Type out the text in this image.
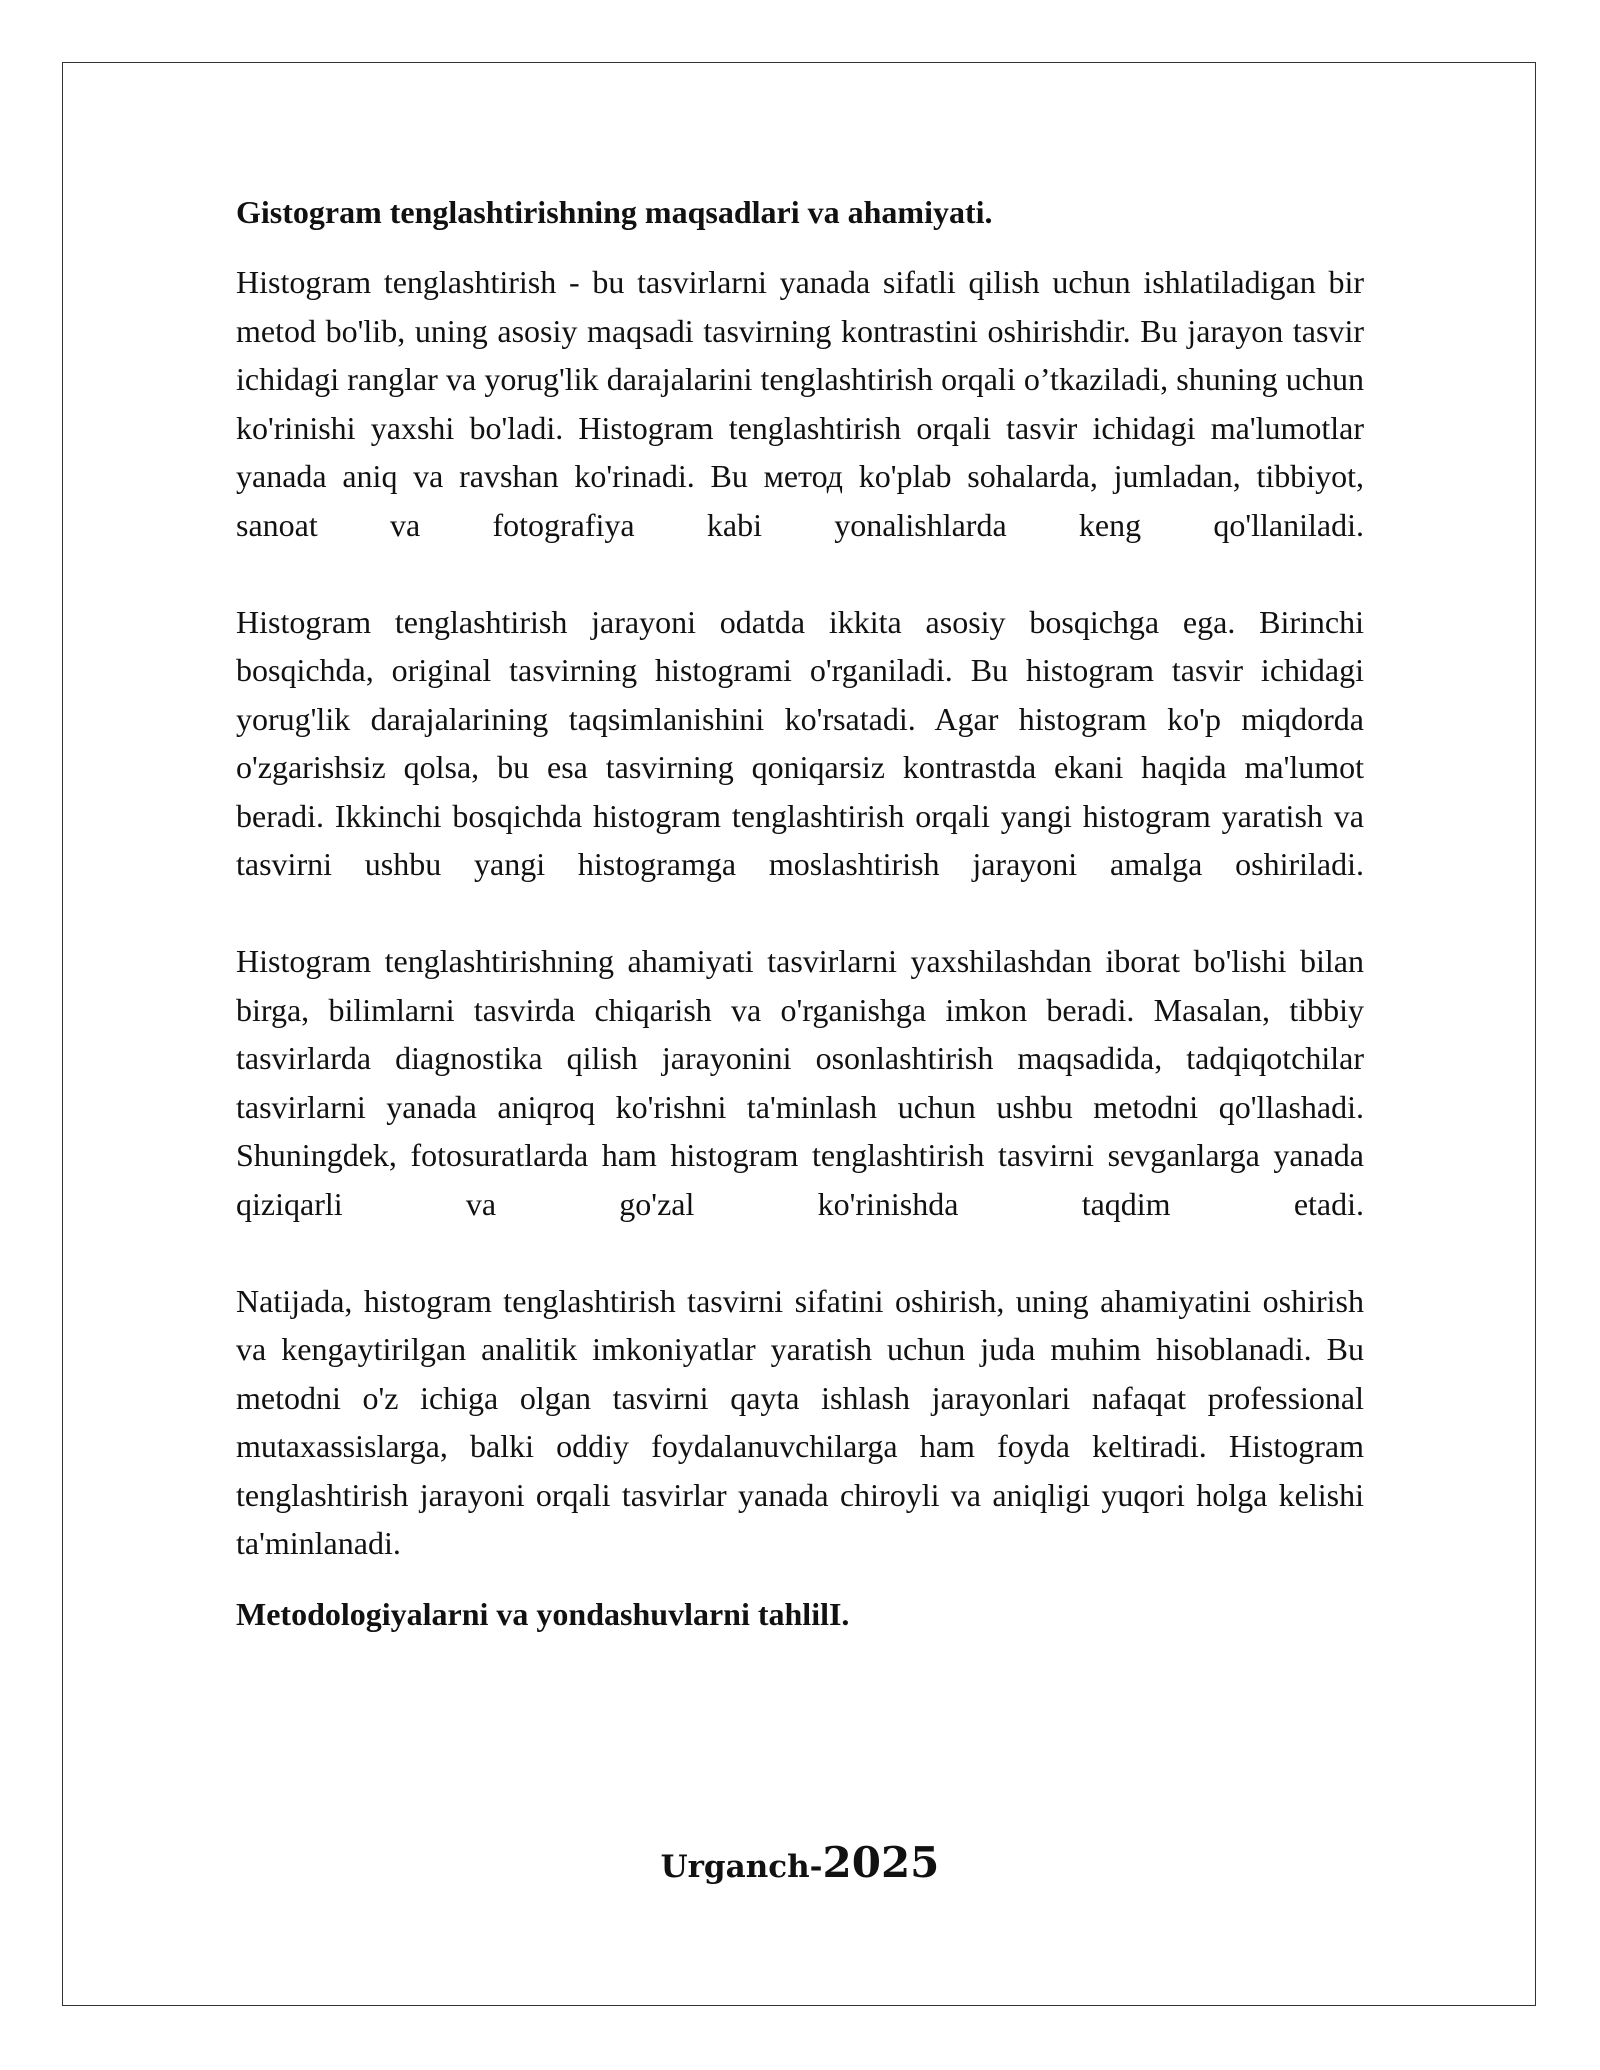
Gistogram tenglashtirishning maqsadlari va ahamiyati.

Histogram tenglashtirish - bu tasvirlarni yanada sifatli qilish uchun ishlatiladigan bir metod bo'lib, uning asosiy maqsadi tasvirning kontrastini oshirishdir. Bu jarayon tasvir ichidagi ranglar va yorug'lik darajalarini tenglashtirish orqali o’tkaziladi, shuning uchun ko'rinishi yaxshi bo'ladi. Histogram tenglashtirish orqali tasvir ichidagi ma'lumotlar yanada aniq va ravshan ko'rinadi. Bu метод ko'plab sohalarda, jumladan, tibbiyot, sanoat va fotografiya kabi yonalishlarda keng qo'llaniladi.

Histogram tenglashtirish jarayoni odatda ikkita asosiy bosqichga ega. Birinchi bosqichda, original tasvirning histogrami o'rganiladi. Bu histogram tasvir ichidagi yorug'lik darajalarining taqsimlanishini ko'rsatadi. Agar histogram ko'p miqdorda o'zgarishsiz qolsa, bu esa tasvirning qoniqarsiz kontrastda ekani haqida ma'lumot beradi. Ikkinchi bosqichda histogram tenglashtirish orqali yangi histogram yaratish va tasvirni ushbu yangi histogramga moslashtirish jarayoni amalga oshiriladi.

Histogram tenglashtirishning ahamiyati tasvirlarni yaxshilashdan iborat bo'lishi bilan birga, bilimlarni tasvirda chiqarish va o'rganishga imkon beradi. Masalan, tibbiy tasvirlarda diagnostika qilish jarayonini osonlashtirish maqsadida, tadqiqotchilar tasvirlarni yanada aniqroq ko'rishni ta'minlash uchun ushbu metodni qo'llashadi. Shuningdek, fotosuratlarda ham histogram tenglashtirish tasvirni sevganlarga yanada qiziqarli va go'zal ko'rinishda taqdim etadi.

Natijada, histogram tenglashtirish tasvirni sifatini oshirish, uning ahamiyatini oshirish va kengaytirilgan analitik imkoniyatlar yaratish uchun juda muhim hisoblanadi. Bu metodni o'z ichiga olgan tasvirni qayta ishlash jarayonlari nafaqat professional mutaxassislarga, balki oddiy foydalanuvchilarga ham foyda keltiradi. Histogram tenglashtirish jarayoni orqali tasvirlar yanada chiroyli va aniqligi yuqori holga kelishi ta'minlanadi.

Metodologiyalarni va yondashuvlarni tahlilI.
Urganch-2025
